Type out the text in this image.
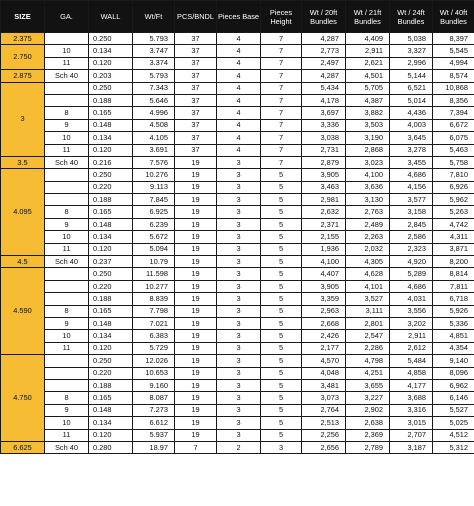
SIZE	GA.	WALL	Wt/Ft	PCS/BNDL	Pieces Base	Pieces Height	Wt / 20ft Bundles	Wt / 21ft Bundles	Wt / 24ft Bundles	Wt / 40ft Bundles
2.375		0.250	5.793	37	4	7	4,287	4,409	5,038	8,397
2.750	10	0.134	3.747	37	4	7	2,773	2,911	3,327	5,545
	11	0.120	3.374	37	4	7	2,497	2,621	2,996	4,994
2.875	Sch 40	0.203	5.793	37	4	7	4,287	4,501	5,144	8,574
3		0.250	7.343	37	4	7	5,434	5,705	6,521	10,868
		0.188	5.646	37	4	7	4,178	4,387	5,014	8,356
	8	0.165	4.996	37	4	7	3,697	3,882	4,436	7,394
	9	0.148	4.508	37	4	7	3,336	3,503	4,003	6,672
	10	0.134	4.105	37	4	7	3,038	3,190	3,645	6,075
	11	0.120	3.691	37	4	7	2,731	2,868	3,278	5,463
3.5	Sch 40	0.216	7.576	19	3	7	2,879	3,023	3,455	5,758
4.095		0.250	10.276	19	3	5	3,905	4,100	4,686	7,810
		0.220	9.113	19	3	5	3,463	3,636	4,156	6,926
		0.188	7.845	19	3	5	2,981	3,130	3,577	5,962
	8	0.165	6.925	19	3	5	2,632	2,763	3,158	5,263
	9	0.148	6.239	19	3	5	2,371	2,489	2,845	4,742
	10	0.134	5.672	19	3	5	2,155	2,263	2,586	4,311
	11	0.120	5.094	19	3	5	1,936	2,032	2,323	3,871
4.5	Sch 40	0.237	10.79	19	3	5	4,100	4,305	4,920	8,200
4.590		0.250	11.598	19	3	5	4,407	4,628	5,289	8,814
		0.220	10.277	19	3	5	3,905	4,101	4,686	7,811
		0.188	8.839	19	3	5	3,359	3,527	4,031	6,718
	8	0.165	7.798	19	3	5	2,963	3,111	3,556	5,926
	9	0.148	7.021	19	3	5	2,668	2,801	3,202	5,336
	10	0.134	6.383	19	3	5	2,426	2,547	2,911	4,851
	11	0.120	5.729	19	3	5	2,177	2,286	2,612	4,354
4.750		0.250	12.026	19	3	5	4,570	4,798	5,484	9,140
		0.220	10.653	19	3	5	4,048	4,251	4,858	8,096
		0.188	9.160	19	3	5	3,481	3,655	4,177	6,962
	8	0.165	8.087	19	3	5	3,073	3,227	3,688	6,146
	9	0.148	7.273	19	3	5	2,764	2,902	3,316	5,527
	10	0.134	6.612	19	3	5	2,513	2,638	3,015	5,025
	11	0.120	5.937	19	3	5	2,256	2,369	2,707	4,512
6.625	Sch 40	0.280	18.97	7	2	3	2,656	2,789	3,187	5,312
